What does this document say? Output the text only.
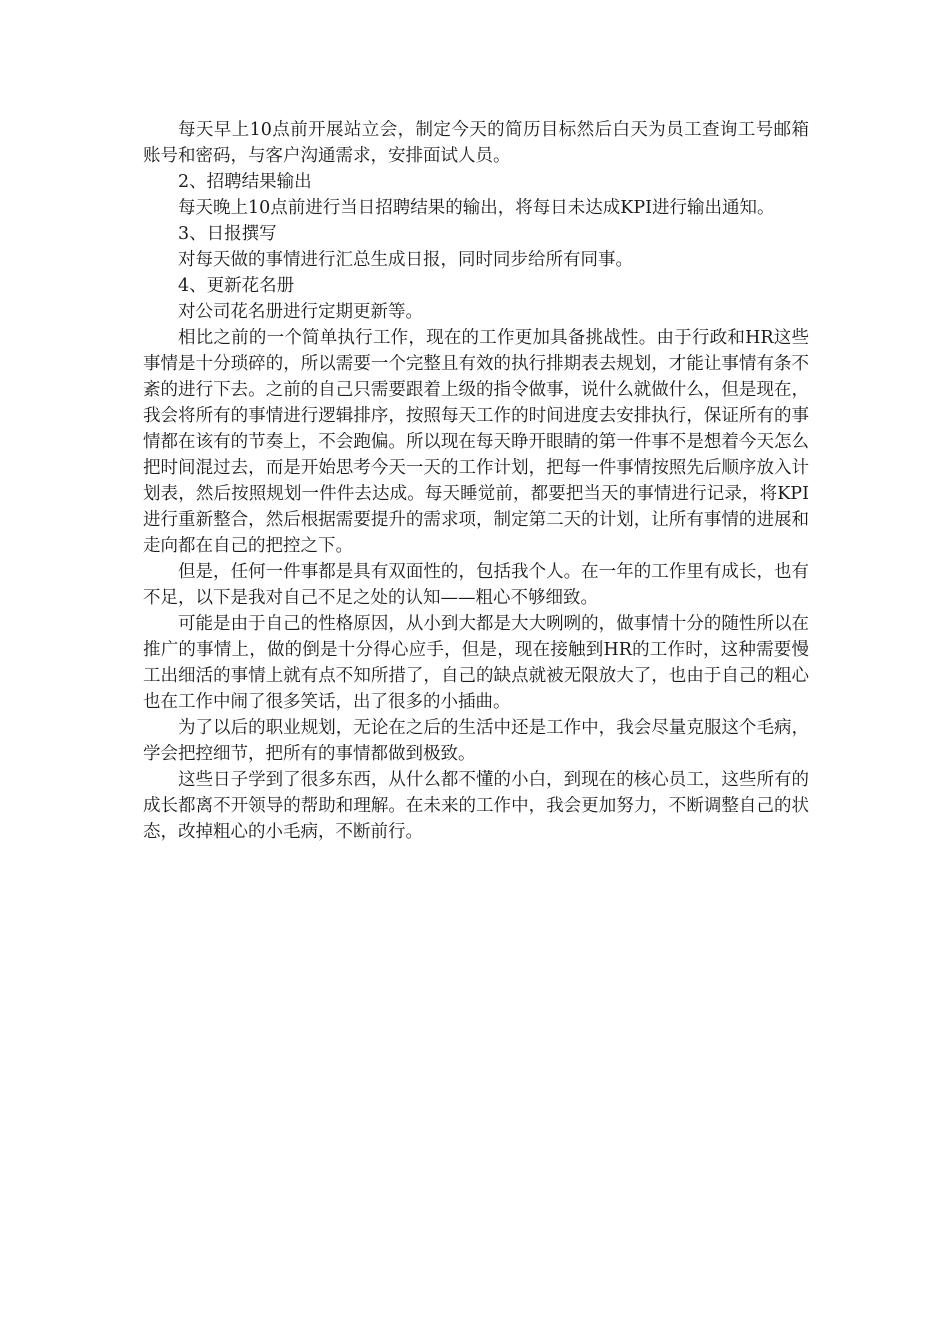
每天早上10点前开展站立会，制定今天的简历目标然后白天为员工查询工号邮箱账号和密码，与客户沟通需求，安排面试人员。

2、招聘结果输出

每天晚上10点前进行当日招聘结果的输出，将每日未达成KPI进行输出通知。

3、日报撰写

对每天做的事情进行汇总生成日报，同时同步给所有同事。

4、更新花名册

对公司花名册进行定期更新等。

相比之前的一个简单执行工作，现在的工作更加具备挑战性。由于行政和HR这些事情是十分琐碎的，所以需要一个完整且有效的执行排期表去规划，才能让事情有条不紊的进行下去。之前的自己只需要跟着上级的指令做事，说什么就做什么，但是现在，我会将所有的事情进行逻辑排序，按照每天工作的时间进度去安排执行，保证所有的事情都在该有的节奏上，不会跑偏。所以现在每天睁开眼睛的第一件事不是想着今天怎么把时间混过去，而是开始思考今天一天的工作计划，把每一件事情按照先后顺序放入计划表，然后按照规划一件件去达成。每天睡觉前，都要把当天的事情进行记录，将KPI进行重新整合，然后根据需要提升的需求项，制定第二天的计划，让所有事情的进展和走向都在自己的把控之下。

但是，任何一件事都是具有双面性的，包括我个人。在一年的工作里有成长，也有不足，以下是我对自己不足之处的认知——粗心不够细致。

可能是由于自己的性格原因，从小到大都是大大咧咧的，做事情十分的随性所以在推广的事情上，做的倒是十分得心应手，但是，现在接触到HR的工作时，这种需要慢工出细活的事情上就有点不知所措了，自己的缺点就被无限放大了，也由于自己的粗心也在工作中闹了很多笑话，出了很多的小插曲。

为了以后的职业规划，无论在之后的生活中还是工作中，我会尽量克服这个毛病，学会把控细节，把所有的事情都做到极致。

这些日子学到了很多东西，从什么都不懂的小白，到现在的核心员工，这些所有的成长都离不开领导的帮助和理解。在未来的工作中，我会更加努力，不断调整自己的状态，改掉粗心的小毛病，不断前行。
